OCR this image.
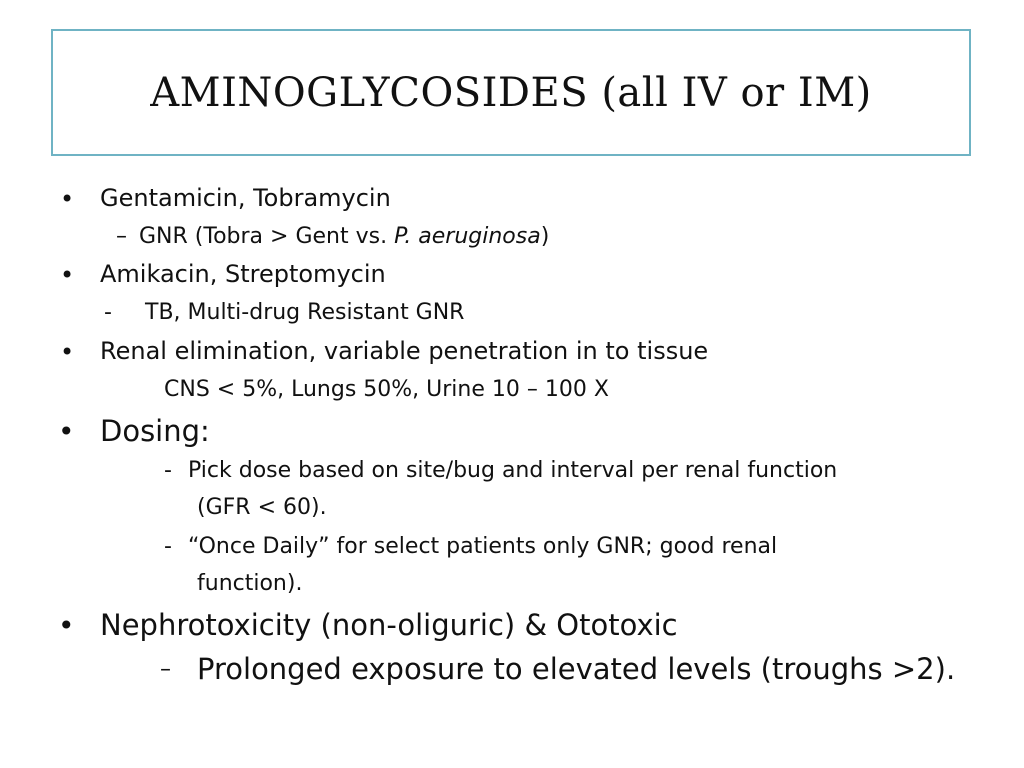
AMINOGLYCOSIDES (all IV or IM)
• Gentamicin, Tobramycin
– GNR (Tobra > Gent vs. P. aeruginosa)
• Amikacin, Streptomycin
- TB, Multi-drug Resistant GNR
• Renal elimination, variable penetration in to tissue
CNS < 5%, Lungs 50%, Urine 10 – 100 X
• Dosing:
- Pick dose based on site/bug and interval per renal function
(GFR < 60).
- “Once Daily” for select patients only GNR; good renal
function).
• Nephrotoxicity (non-oliguric) & Ototoxic
– Prolonged exposure to elevated levels (troughs >2).
